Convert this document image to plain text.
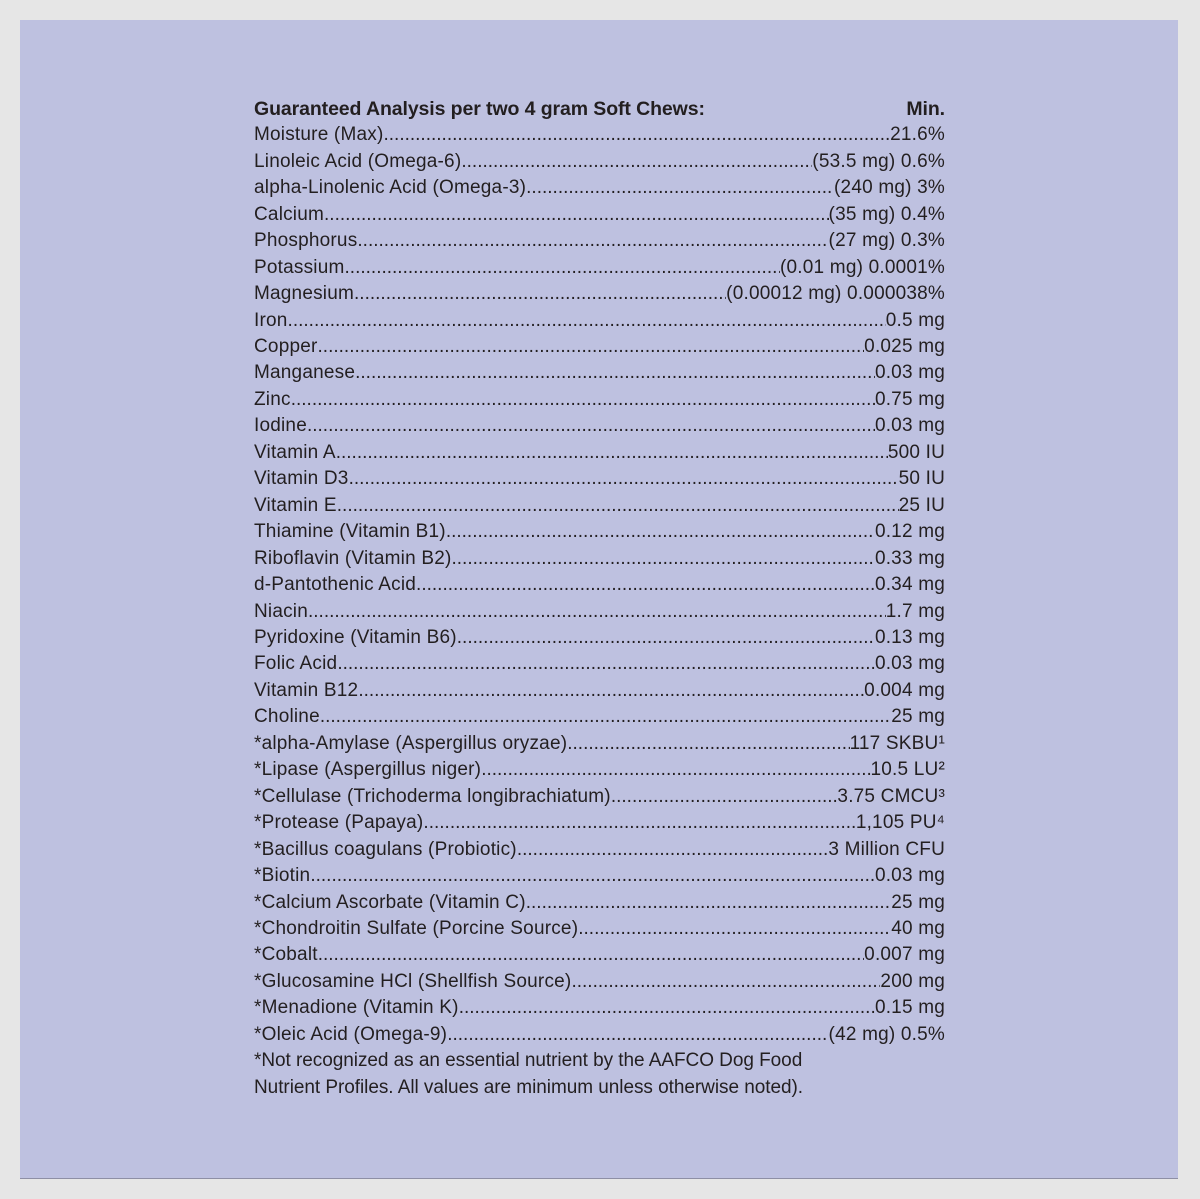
Guaranteed Analysis per two 4 gram Soft Chews:	Min.
Moisture (Max) .....	21.6%
Linoleic Acid (Omega-6) .....	(53.5 mg) 0.6%
alpha-Linolenic Acid (Omega-3) .....	(240 mg) 3%
Calcium .....	(35 mg) 0.4%
Phosphorus .....	(27 mg) 0.3%
Potassium .....	(0.01 mg) 0.0001%
Magnesium .....	(0.00012 mg) 0.000038%
Iron .....	0.5 mg
Copper .....	0.025 mg
Manganese .....	0.03 mg
Zinc .....	0.75 mg
Iodine .....	0.03 mg
Vitamin A .....	500 IU
Vitamin D3 .....	50 IU
Vitamin E .....	25 IU
Thiamine (Vitamin B1) .....	0.12 mg
Riboflavin (Vitamin B2) .....	0.33 mg
d-Pantothenic Acid .....	0.34 mg
Niacin .....	1.7 mg
Pyridoxine (Vitamin B6) .....	0.13 mg
Folic Acid .....	0.03 mg
Vitamin B12 .....	0.004 mg
Choline .....	25 mg
*alpha-Amylase (Aspergillus oryzae) .....	117 SKBU¹
*Lipase (Aspergillus niger) .....	10.5 LU²
*Cellulase (Trichoderma longibrachiatum) .....	3.75 CMCU³
*Protease (Papaya) .....	1,105 PU⁴
*Bacillus coagulans (Probiotic) .....	3 Million CFU
*Biotin .....	0.03 mg
*Calcium Ascorbate (Vitamin C) .....	25 mg
*Chondroitin Sulfate (Porcine Source) .....	40 mg
*Cobalt .....	0.007 mg
*Glucosamine HCl (Shellfish Source) .....	200 mg
*Menadione (Vitamin K) .....	0.15 mg
*Oleic Acid (Omega-9) .....	(42 mg) 0.5%

*Not recognized as an essential nutrient by the AAFCO Dog Food
Nutrient Profiles. All values are minimum unless otherwise noted).
